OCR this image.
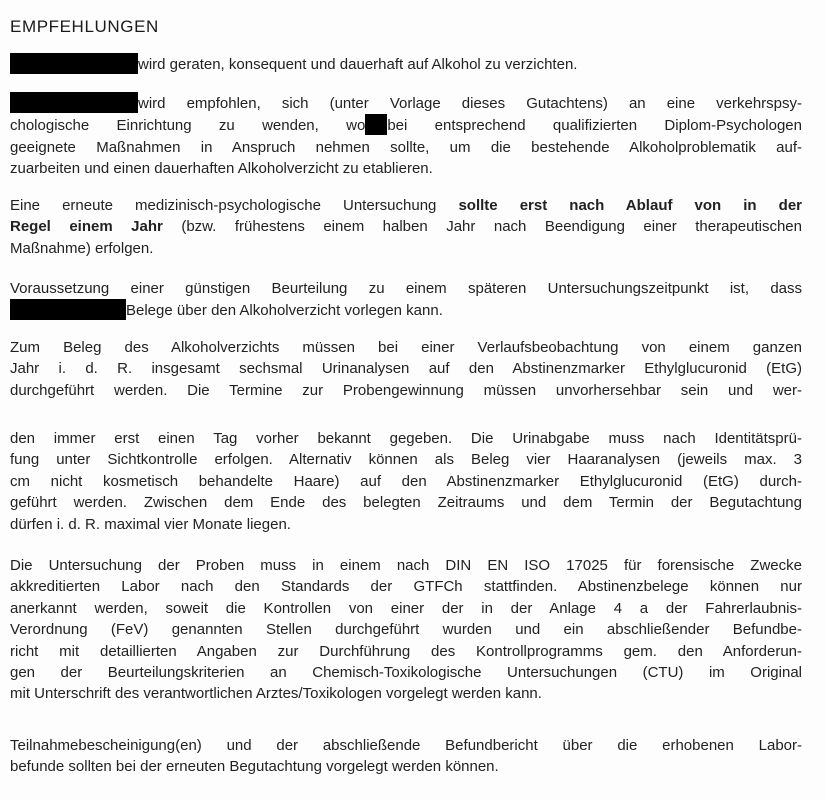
EMPFEHLUNGEN
wird geraten, konsequent und dauerhaft auf Alkohol zu verzichten.
wird empfohlen, sich (unter Vorlage dieses Gutachtens) an eine verkehrspsy-
chologische Einrichtung zu wenden, wo bei entsprechend qualifizierten Diplom-Psychologen
geeignete Maßnahmen in Anspruch nehmen sollte, um die bestehende Alkoholproblematik auf-
zuarbeiten und einen dauerhaften Alkoholverzicht zu etablieren.
Eine erneute medizinisch-psychologische Untersuchung sollte erst nach Ablauf von in der
Regel einem Jahr (bzw. frühestens einem halben Jahr nach Beendigung einer therapeutischen
Maßnahme) erfolgen.
Voraussetzung einer günstigen Beurteilung zu einem späteren Untersuchungszeitpunkt ist, dass
Belege über den Alkoholverzicht vorlegen kann.
Zum Beleg des Alkoholverzichts müssen bei einer Verlaufsbeobachtung von einem ganzen
Jahr i. d. R. insgesamt sechsmal Urinanalysen auf den Abstinenzmarker Ethylglucuronid (EtG)
durchgeführt werden. Die Termine zur Probengewinnung müssen unvorhersehbar sein und wer-
den immer erst einen Tag vorher bekannt gegeben. Die Urinabgabe muss nach Identitätsprü-
fung unter Sichtkontrolle erfolgen. Alternativ können als Beleg vier Haaranalysen (jeweils max. 3
cm nicht kosmetisch behandelte Haare) auf den Abstinenzmarker Ethylglucuronid (EtG) durch-
geführt werden. Zwischen dem Ende des belegten Zeitraums und dem Termin der Begutachtung
dürfen i. d. R. maximal vier Monate liegen.
Die Untersuchung der Proben muss in einem nach DIN EN ISO 17025 für forensische Zwecke
akkreditierten Labor nach den Standards der GTFCh stattfinden. Abstinenzbelege können nur
anerkannt werden, soweit die Kontrollen von einer der in der Anlage 4 a der Fahrerlaubnis-
Verordnung (FeV) genannten Stellen durchgeführt wurden und ein abschließender Befundbe-
richt mit detaillierten Angaben zur Durchführung des Kontrollprogramms gem. den Anforderun-
gen der Beurteilungskriterien an Chemisch-Toxikologische Untersuchungen (CTU) im Original
mit Unterschrift des verantwortlichen Arztes/Toxikologen vorgelegt werden kann.
Teilnahmebescheinigung(en) und der abschließende Befundbericht über die erhobenen Labor-
befunde sollten bei der erneuten Begutachtung vorgelegt werden können.
